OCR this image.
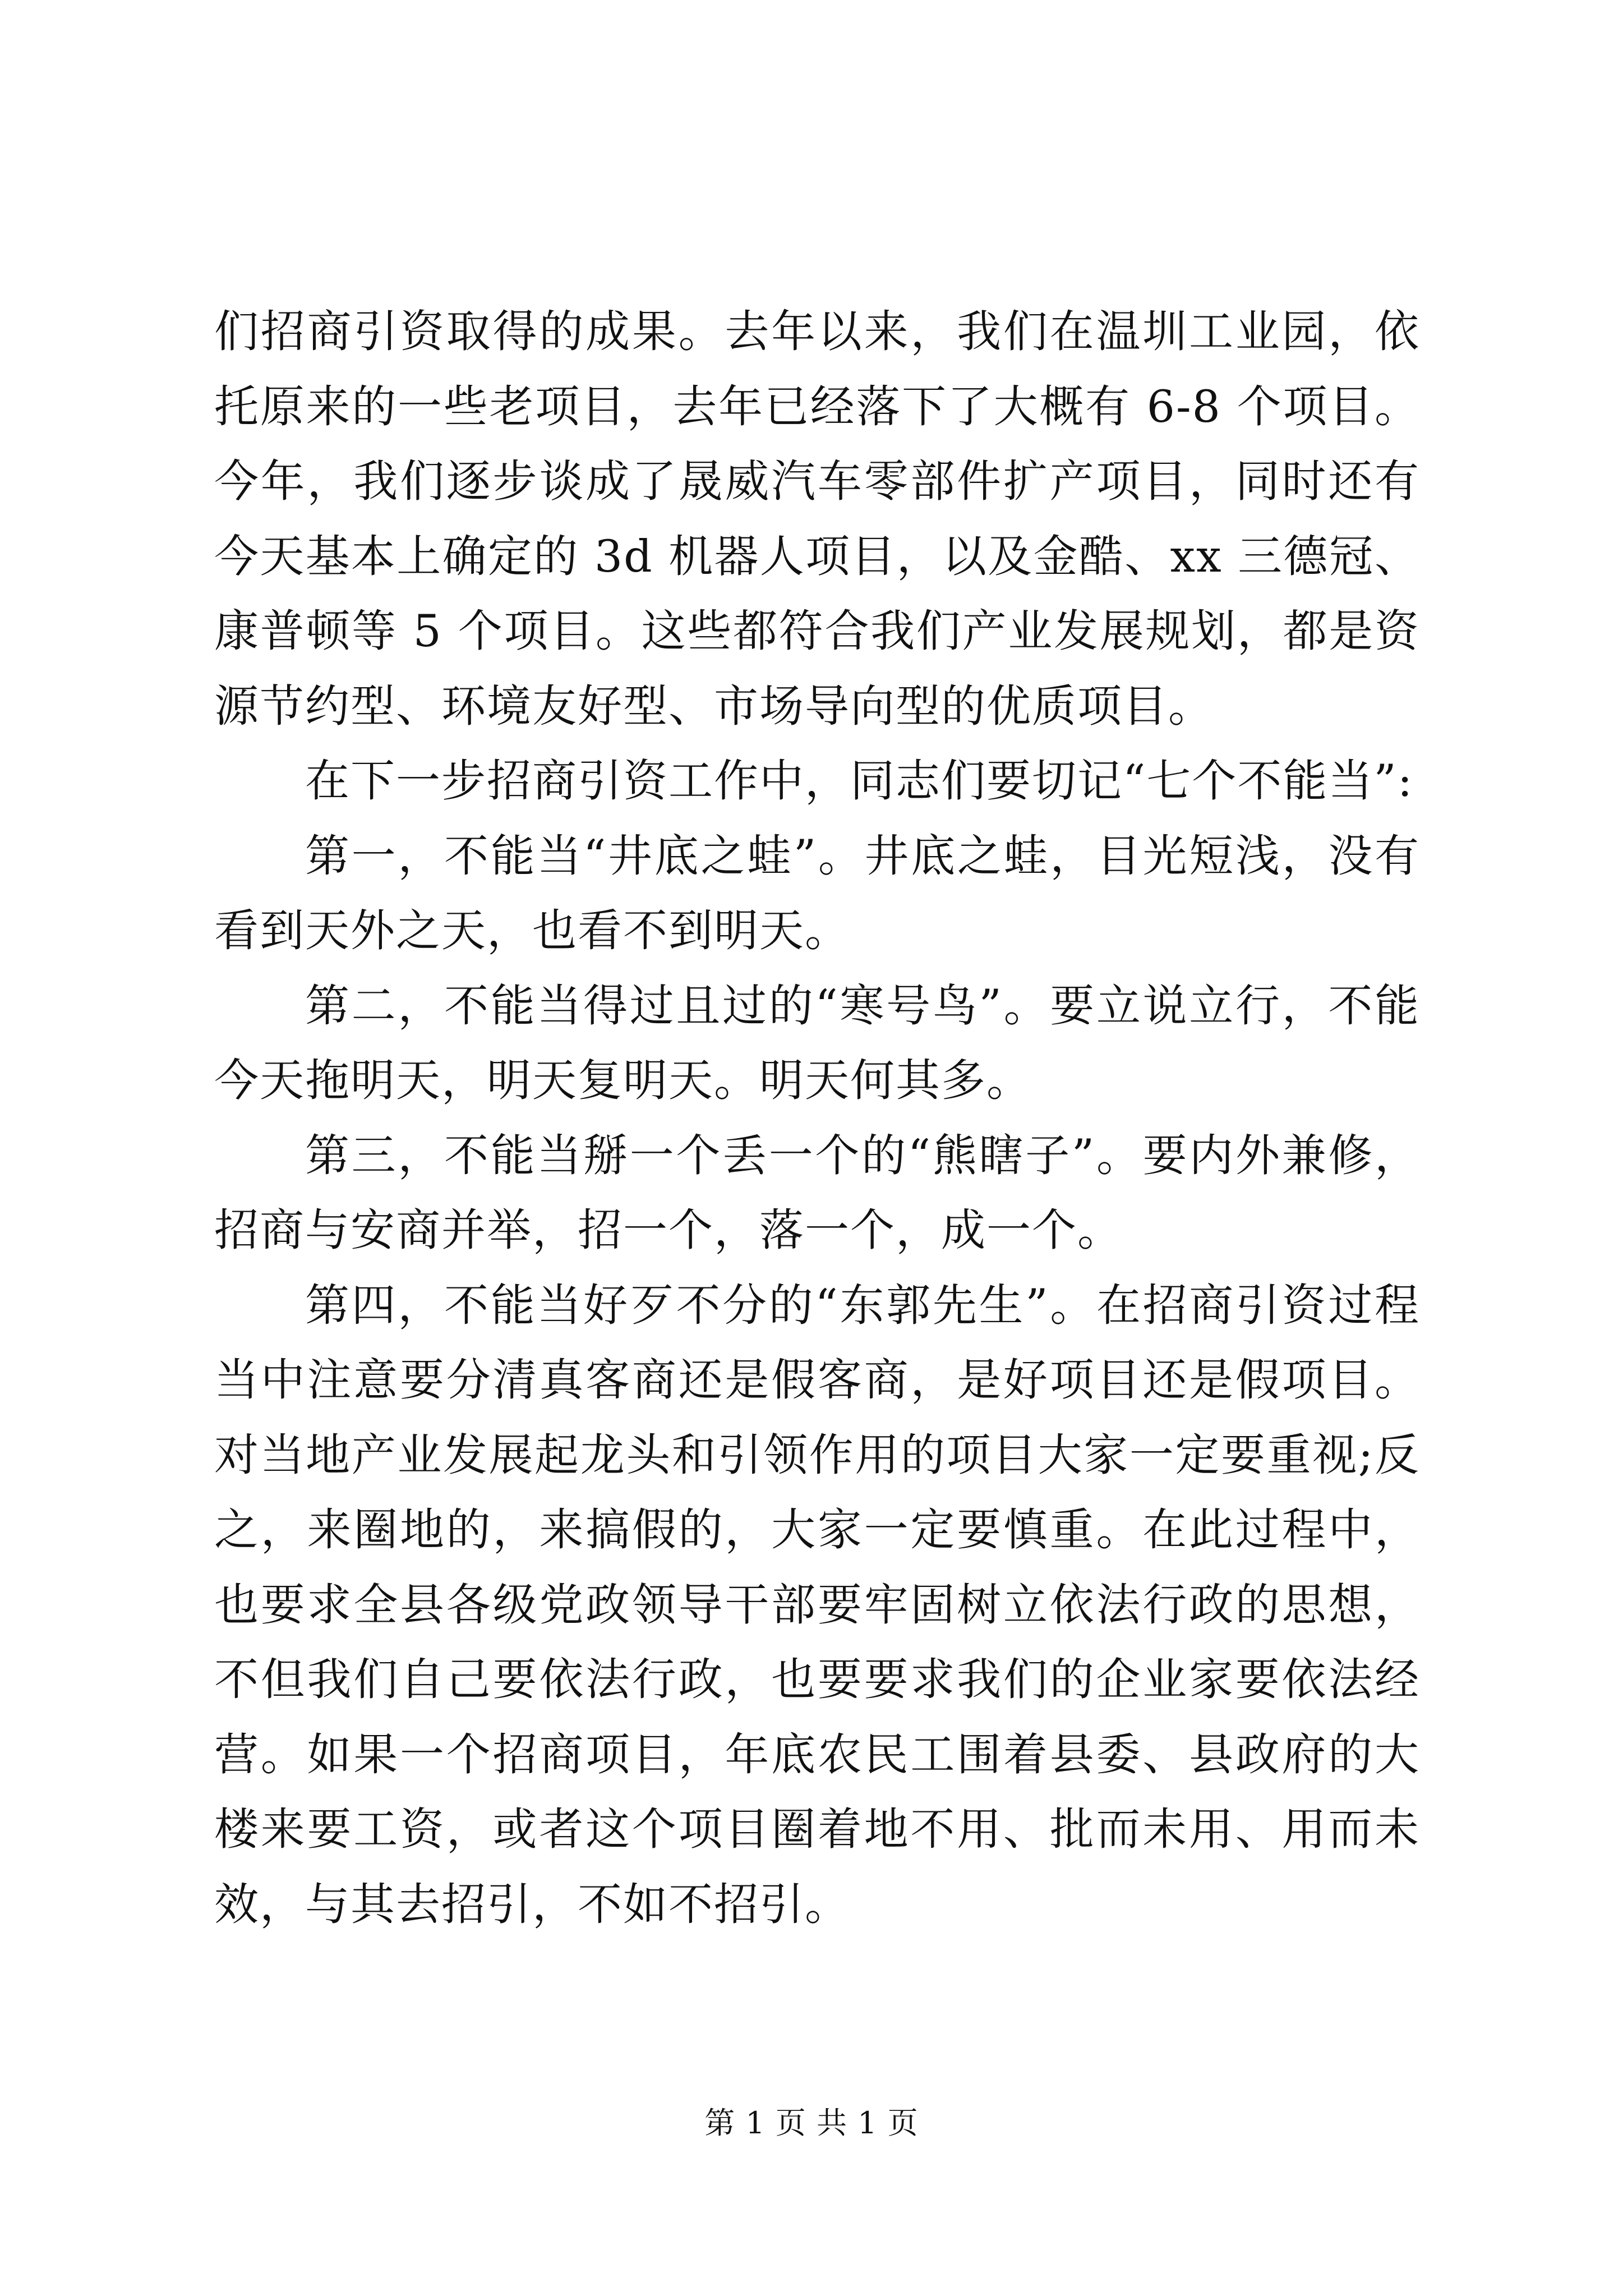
们招商引资取得的成果。去年以来，我们在温圳工业园，依托原来的一些老项目，去年已经落下了大概有 6-8 个项目。今年，我们逐步谈成了晟威汽车零部件扩产项目，同时还有今天基本上确定的 3d 机器人项目，以及金酷、xx 三德冠、康普顿等 5 个项目。这些都符合我们产业发展规划，都是资源节约型、环境友好型、市场导向型的优质项目。

在下一步招商引资工作中，同志们要切记“七个不能当”:

第一，不能当“井底之蛙”。井底之蛙，目光短浅，没有看到天外之天，也看不到明天。

第二，不能当得过且过的“寒号鸟”。要立说立行，不能今天拖明天，明天复明天。明天何其多。

第三，不能当掰一个丢一个的“熊瞎子”。要内外兼修，招商与安商并举，招一个，落一个，成一个。

第四，不能当好歹不分的“东郭先生”。在招商引资过程当中注意要分清真客商还是假客商，是好项目还是假项目。对当地产业发展起龙头和引领作用的项目大家一定要重视;反之，来圈地的，来搞假的，大家一定要慎重。在此过程中，也要求全县各级党政领导干部要牢固树立依法行政的思想，不但我们自己要依法行政，也要要求我们的企业家要依法经营。如果一个招商项目，年底农民工围着县委、县政府的大楼来要工资，或者这个项目圈着地不用、批而未用、用而未效，与其去招引，不如不招引。

第 1 页 共 1 页
